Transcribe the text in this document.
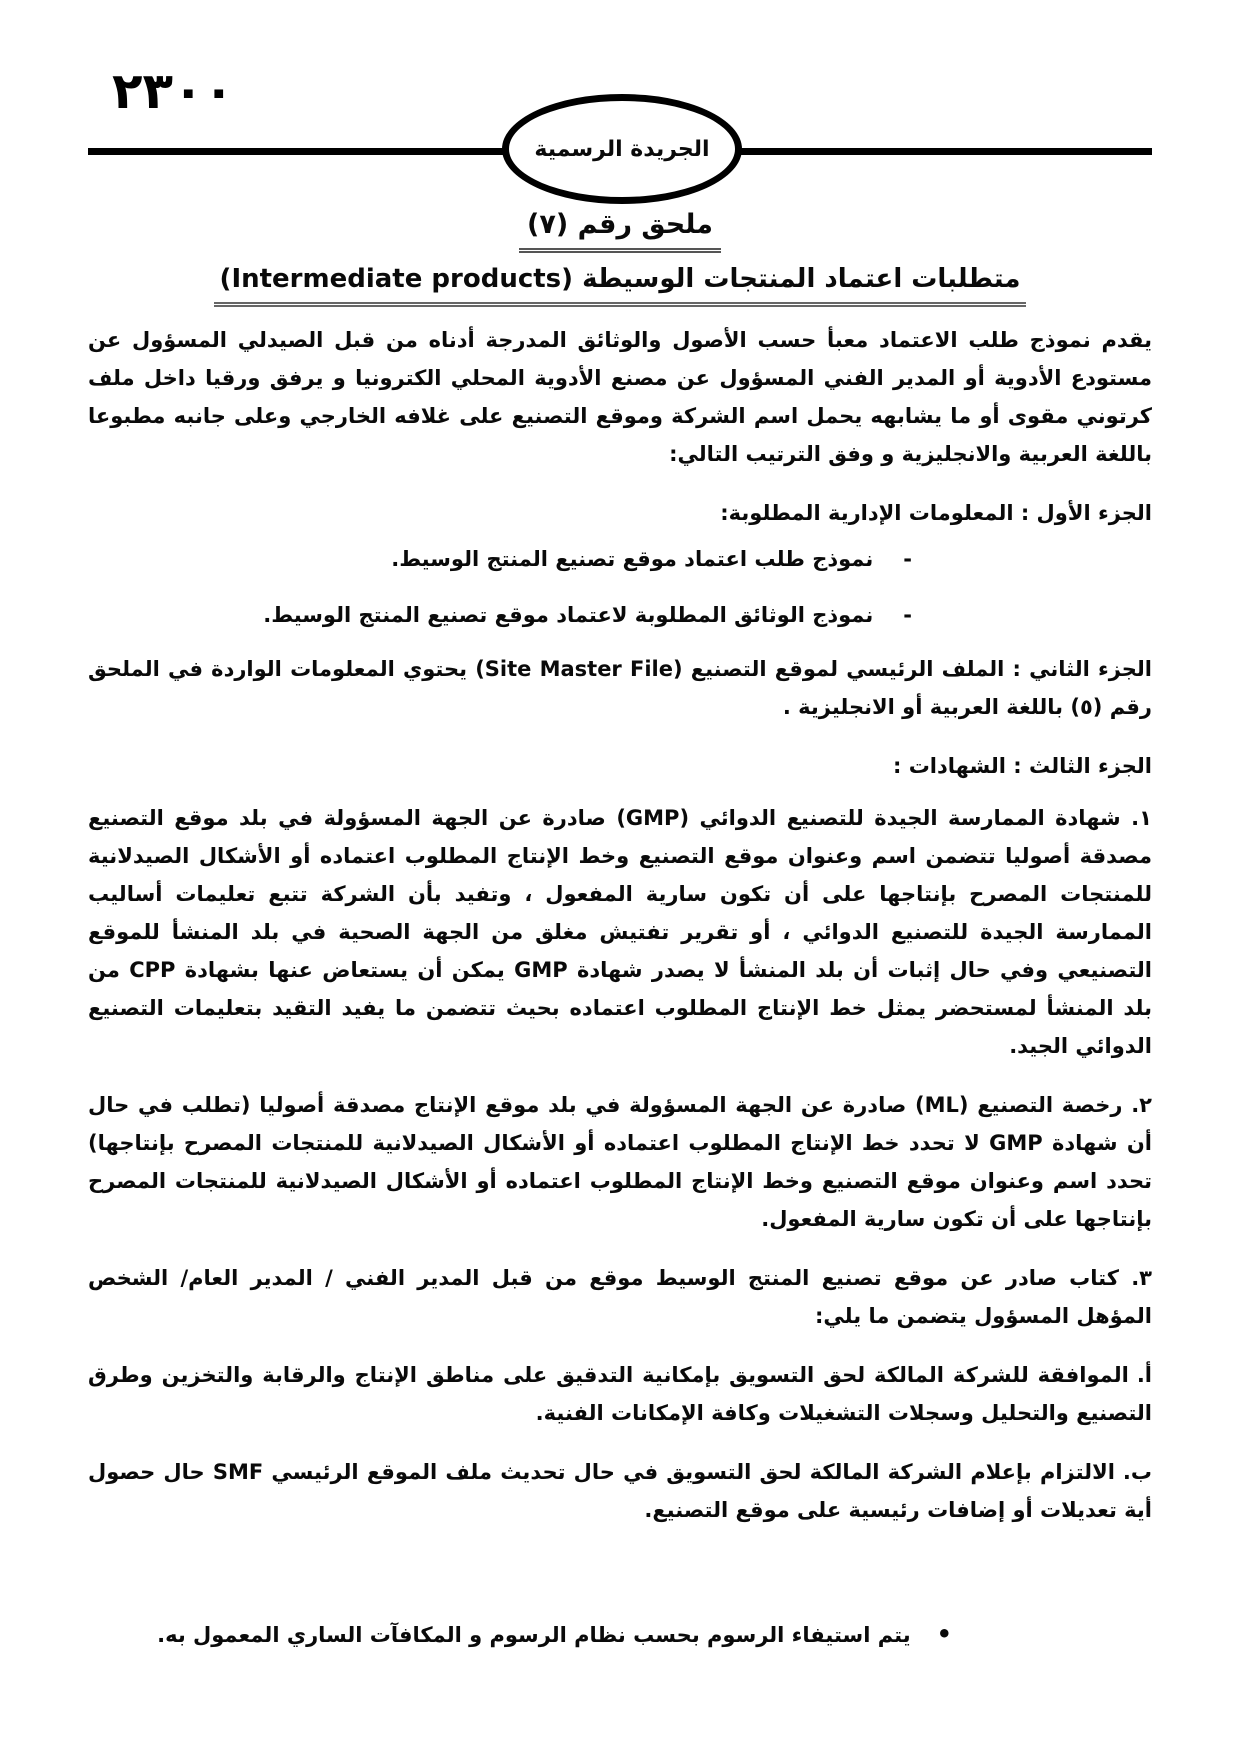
٢٣٠٠
الجريدة الرسمية
ملحق رقم (٧)
متطلبات اعتماد المنتجات الوسيطة (Intermediate products)

يقدم نموذج طلب الاعتماد معبأ حسب الأصول والوثائق المدرجة أدناه من قبل الصيدلي المسؤول عن مستودع الأدوية أو المدير الفني المسؤول عن مصنع الأدوية المحلي الكترونيا و يرفق ورقيا داخل ملف كرتوني مقوى أو ما يشابهه يحمل اسم الشركة وموقع التصنيع على غلافه الخارجي وعلى جانبه مطبوعا باللغة العربية والانجليزية و وفق الترتيب التالي:

الجزء الأول : المعلومات الإدارية المطلوبة:
-نموذج طلب اعتماد موقع تصنيع المنتج الوسيط.
-نموذج الوثائق المطلوبة لاعتماد موقع تصنيع المنتج الوسيط.

الجزء الثاني : الملف الرئيسي لموقع التصنيع (Site Master File) يحتوي المعلومات الواردة في الملحق رقم (٥) باللغة العربية أو الانجليزية .

الجزء الثالث : الشهادات :

١. شهادة الممارسة الجيدة للتصنيع الدوائي (GMP) صادرة عن الجهة المسؤولة في بلد موقع التصنيع مصدقة أصوليا تتضمن اسم وعنوان موقع التصنيع وخط الإنتاج المطلوب اعتماده أو الأشكال الصيدلانية للمنتجات المصرح بإنتاجها على أن تكون سارية المفعول ، وتفيد بأن الشركة تتبع تعليمات أساليب الممارسة الجيدة للتصنيع الدوائي ، أو تقرير تفتيش مغلق من الجهة الصحية في بلد المنشأ للموقع التصنيعي وفي حال إثبات أن بلد المنشأ لا يصدر شهادة GMP يمكن أن يستعاض عنها بشهادة CPP من بلد المنشأ لمستحضر يمثل خط الإنتاج المطلوب اعتماده بحيث تتضمن ما يفيد التقيد بتعليمات التصنيع الدوائي الجيد.

٢. رخصة التصنيع (ML) صادرة عن الجهة المسؤولة في بلد موقع الإنتاج مصدقة أصوليا (تطلب في حال أن شهادة GMP لا تحدد خط الإنتاج المطلوب اعتماده أو الأشكال الصيدلانية للمنتجات المصرح بإنتاجها) تحدد اسم وعنوان موقع التصنيع وخط الإنتاج المطلوب اعتماده أو الأشكال الصيدلانية للمنتجات المصرح بإنتاجها على أن تكون سارية المفعول.

٣. كتاب صادر عن موقع تصنيع المنتج الوسيط موقع من قبل المدير الفني / المدير العام/ الشخص المؤهل المسؤول يتضمن ما يلي:

أ.الموافقة للشركة المالكة لحق التسويق بإمكانية التدقيق على مناطق الإنتاج والرقابة والتخزين وطرق التصنيع والتحليل وسجلات التشغيلات وكافة الإمكانات الفنية.

ب.الالتزام بإعلام الشركة المالكة لحق التسويق في حال تحديث ملف الموقع الرئيسي SMF حال حصول أية تعديلات أو إضافات رئيسية على موقع التصنيع.

•يتم استيفاء الرسوم بحسب نظام الرسوم و المكافآت الساري المعمول به.
